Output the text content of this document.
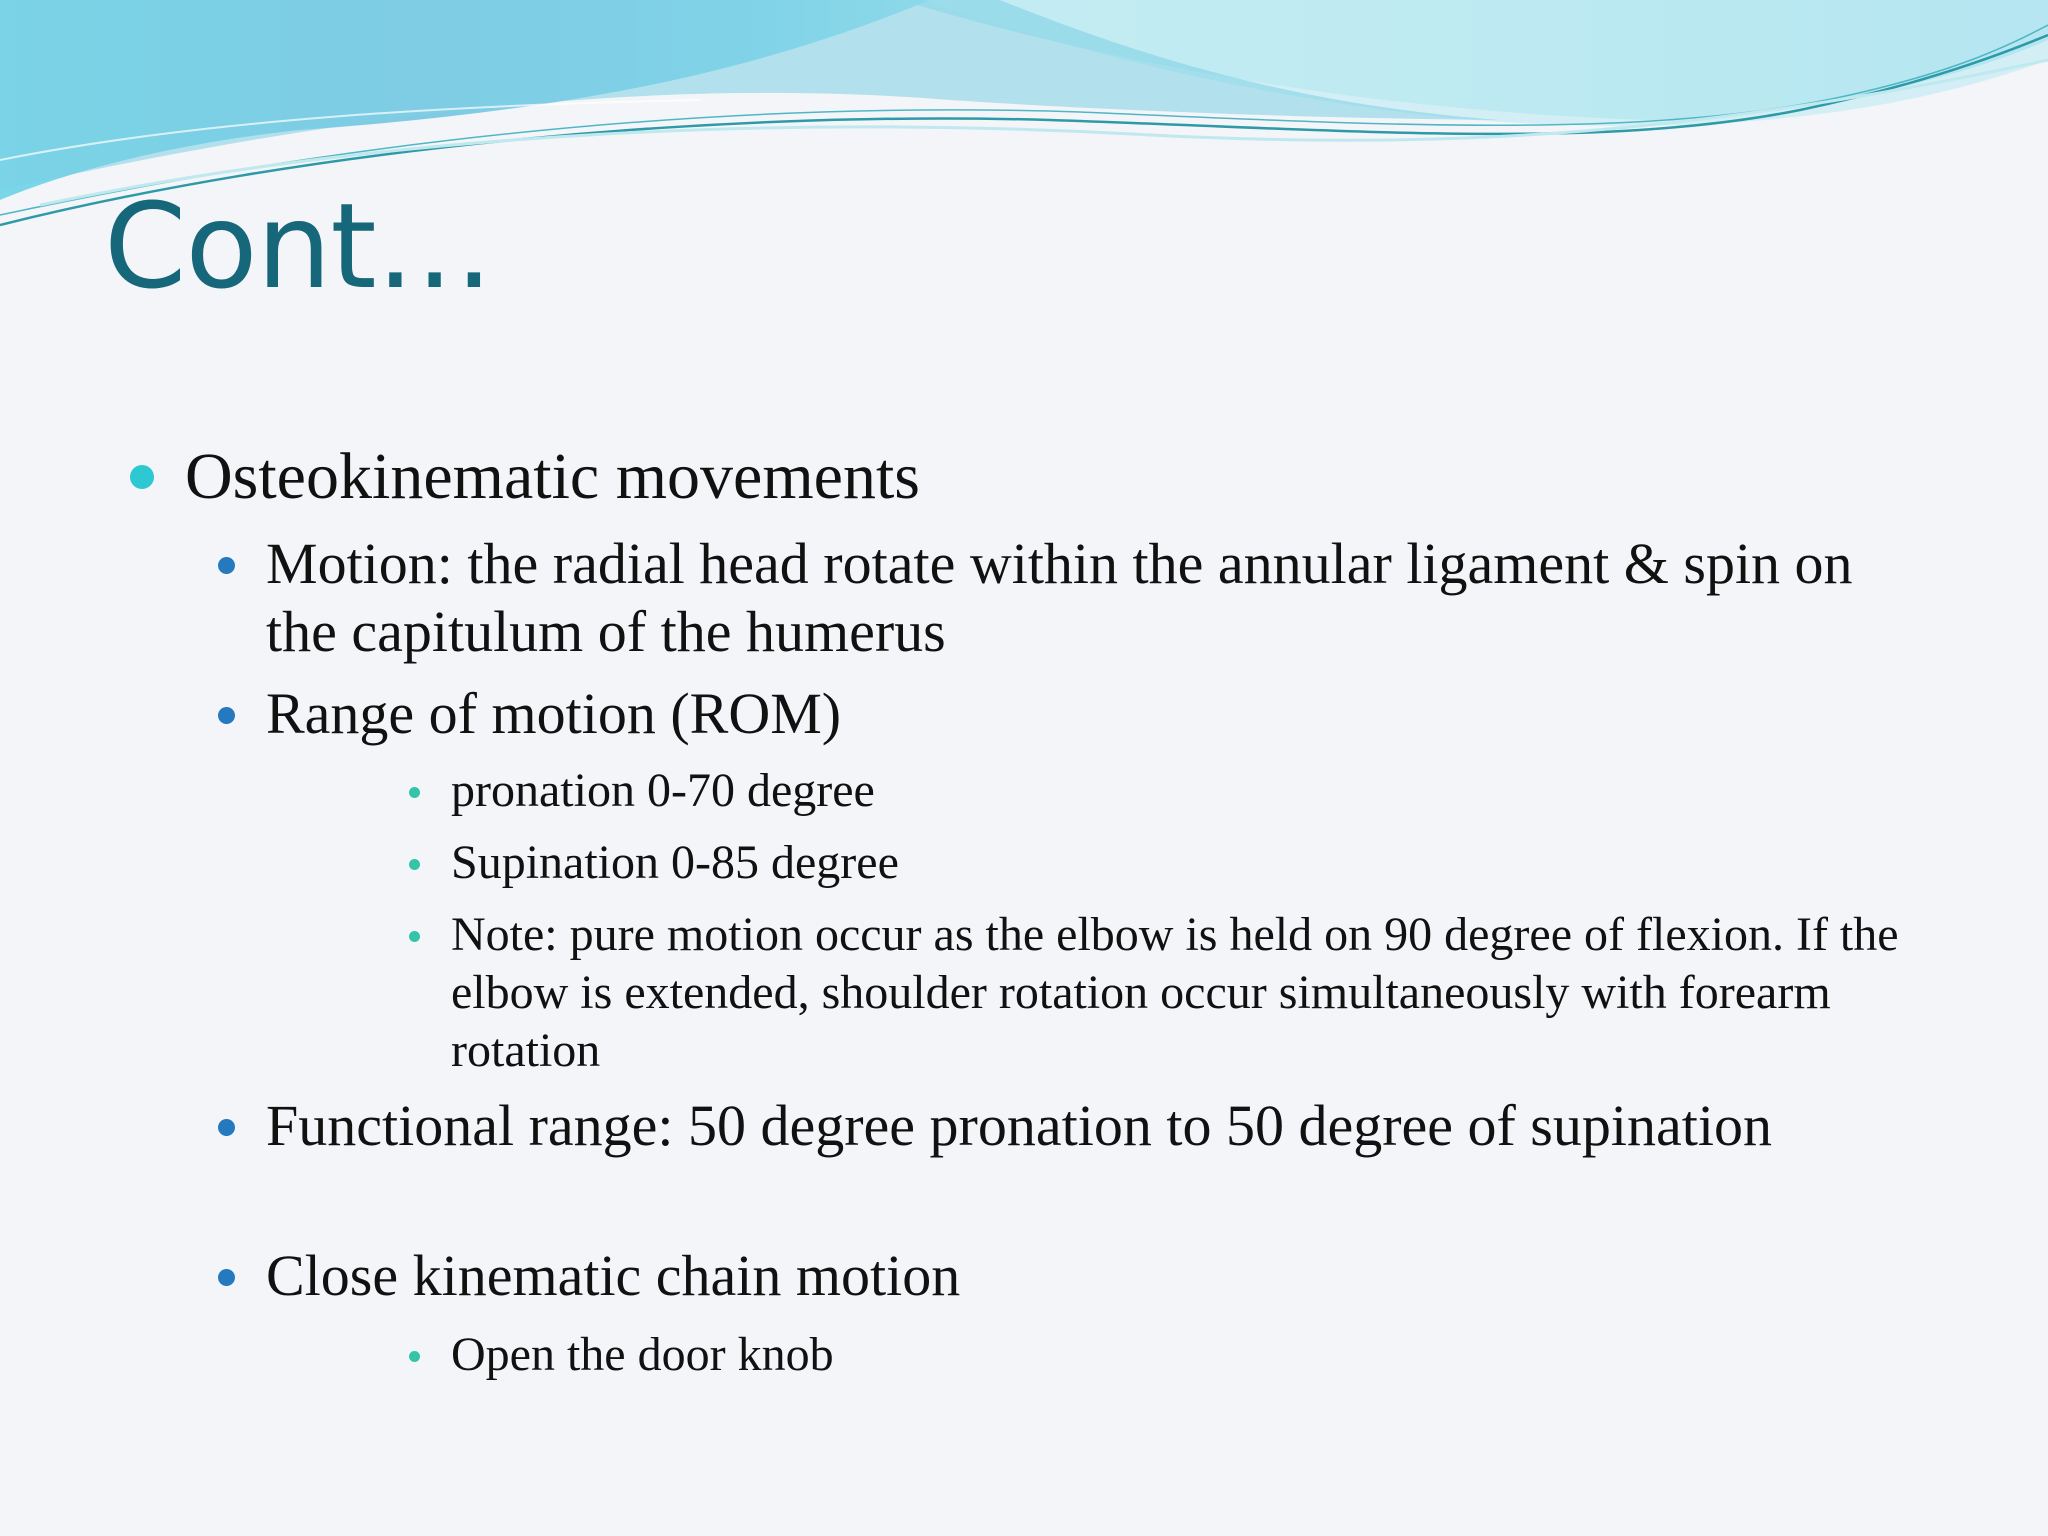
Cont…

Osteokinematic movements

Motion: the radial head rotate within the annular ligament & spin on the capitulum of the humerus

Range of motion (ROM)

pronation 0-70 degree

Supination 0-85 degree

Note: pure motion occur as the elbow is held on 90 degree of flexion. If the elbow is extended, shoulder rotation occur simultaneously with forearm rotation

Functional range: 50 degree pronation to 50 degree of supination

Close kinematic chain motion

Open the door knob
